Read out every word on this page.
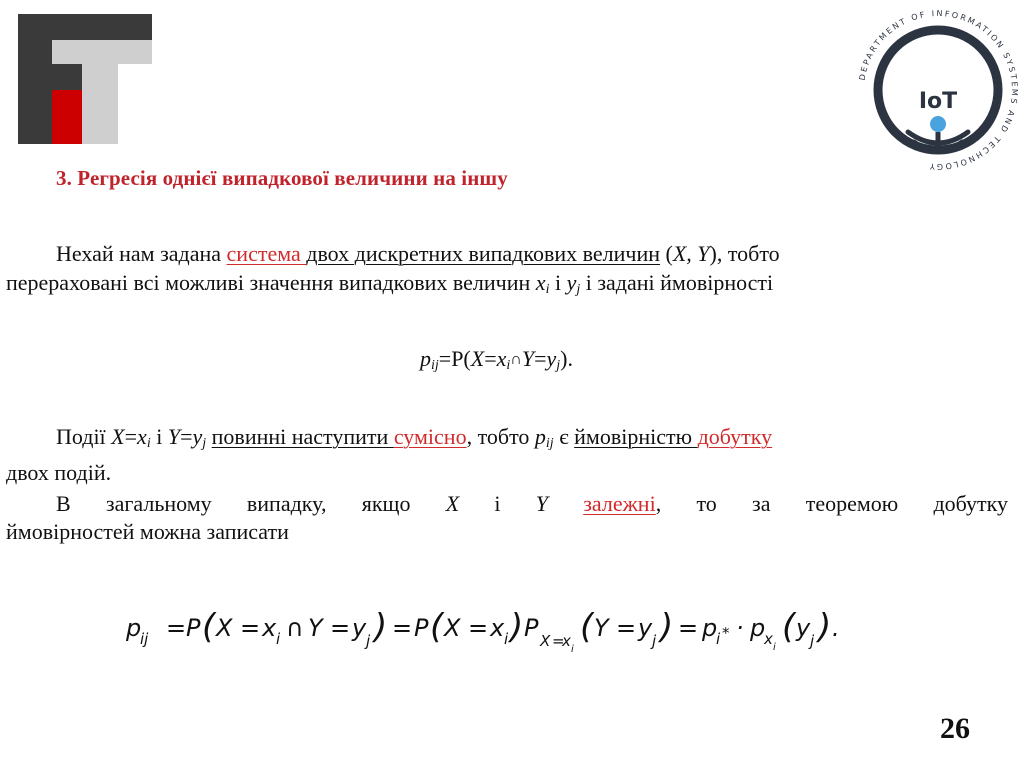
DEPARTMENT OF INFORMATION SYSTEMS AND TECHNOLOGY
IoT
3. Регресія однієї випадкової величини на іншу
Нехай нам задана система двох дискретних випадкових величин (X, Y), тобто
перераховані всі можливі значення випадкових величин $x_i$ і $y_j$ і задані ймовірності
$p_{ij}=P(X=x_i\cap Y=y_j)$.
Події $X=x_i$ і $Y=y_j$ повинні наступити сумісно, тобто $p_{ij}$ є ймовірністю добутку
двох подій.
В загальному випадку, якщо X і Y залежні, то за теоремою добутку
ймовірностей можна записати
p
ij = P ( X = x i ∩ Y = y j ) = P ( X = x i ) P X =
x i
( Y = y j ) = p
i * · p
x i
( y j ) .
26
